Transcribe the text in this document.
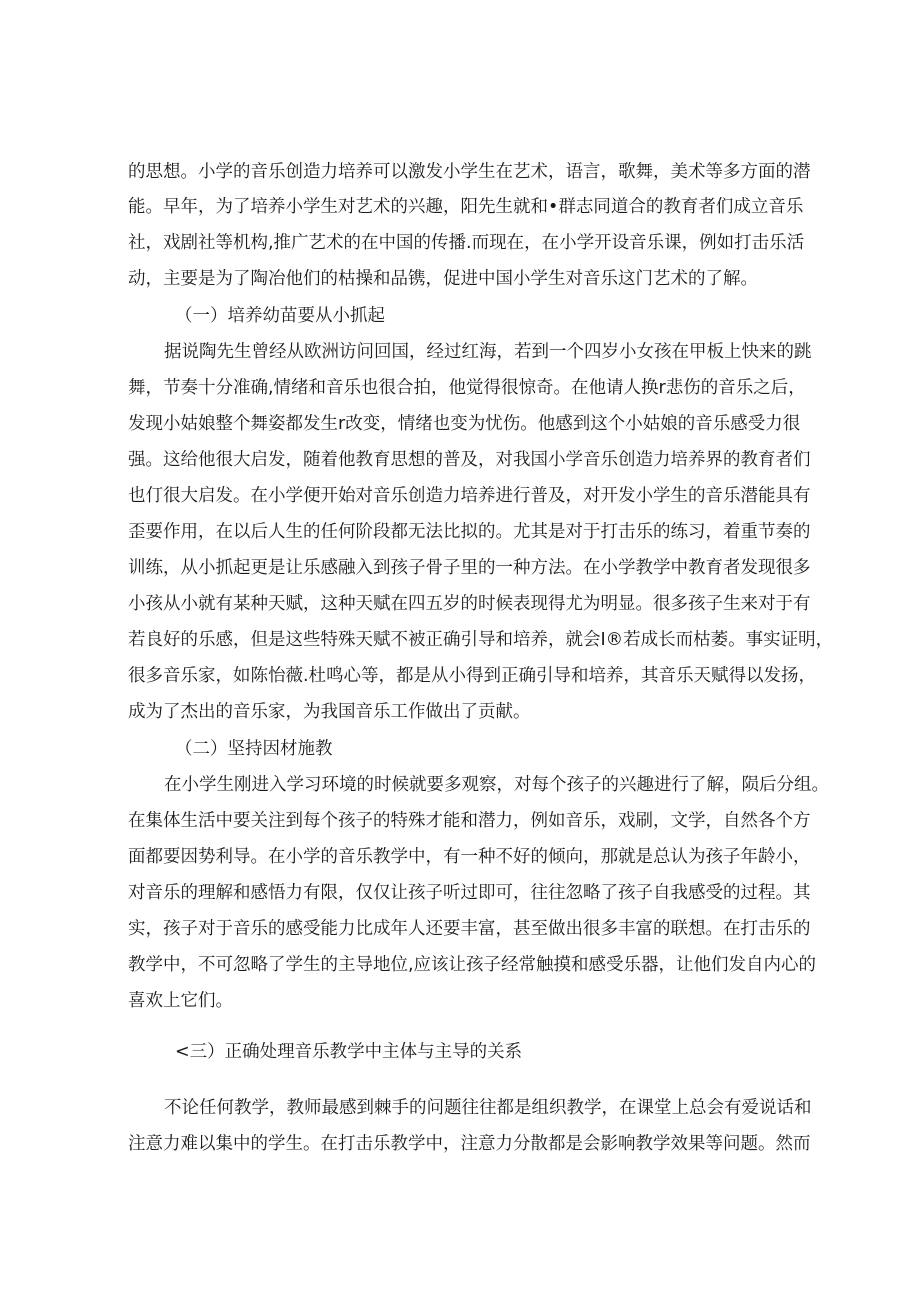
的思想。小学的音乐创造力培养可以激发小学生在艺术，语言，歌舞，美术等多方面的潜
能。早年，为了培养小学生对艺术的兴趣，阳先生就和•群志同道合的教育者们成立音乐
社，戏剧社等机构,推广艺术的在中国的传播.而现在，在小学开设音乐课，例如打击乐活
动，主要是为了陶冶他们的枯操和品镌，促进中国小学生对音乐这门艺术的了解。
（一）培养幼苗要从小抓起
据说陶先生曾经从欧洲访问回国，经过红海，若到一个四岁小女孩在甲板上快来的跳
舞，节奏十分准确,情绪和音乐也很合拍，他觉得很惊奇。在他请人换r悲伤的音乐之后，
发现小姑娘整个舞姿都发生r改变，情绪也变为忧伤。他感到这个小姑娘的音乐感受力很
强。这给他很大启发，随着他教育思想的普及，对我国小学音乐创造力培养界的教育者们
也仃很大启发。在小学便开始对音乐创造力培养进行普及，对开发小学生的音乐潜能具有
歪要作用，在以后人生的任何阶段都无法比拟的。尤其是对于打击乐的练习，着重节奏的
训练，从小抓起更是让乐感融入到孩子骨子里的一种方法。在小学教学中教育者发现很多
小孩从小就有某种天赋，这种天赋在四五岁的时候表现得尤为明显。很多孩子生来对于有
若良好的乐感，但是这些特殊天赋不被正确引导和培养，就会I®若成长而枯萎。事实证明，
很多音乐家，如陈怡薇.杜鸣心等，都是从小得到正确引导和培养，其音乐天赋得以发扬，
成为了杰出的音乐家，为我国音乐工作做出了贡献。
（二）坚持因材施教
在小学生刚进入学习环境的时候就要多观察，对每个孩子的兴趣进行了解，陨后分组。
在集体生活中要关注到每个孩子的特殊才能和潜力，例如音乐，戏刷，文学，自然各个方
面都要因势利导。在小学的音乐教学中，有一种不好的倾向，那就是总认为孩子年龄小，
对音乐的理解和感悟力有限，仅仅让孩子听过即可，往往忽略了孩子自我感受的过程。其
实，孩子对于音乐的感受能力比成年人还要丰富，甚至做出很多丰富的联想。在打击乐的
教学中，不可忽略了学生的主导地位,应该让孩子经常触摸和感受乐器，让他们发自内心的
喜欢上它们。
<三）正确处理音乐教学中主体与主导的关系
不论任何教学，教师最感到棘手的问题往往都是组织教学，在课堂上总会有爱说话和
注意力难以集中的学生。在打击乐教学中，注意力分散都是会影响教学效果等问题。然而
